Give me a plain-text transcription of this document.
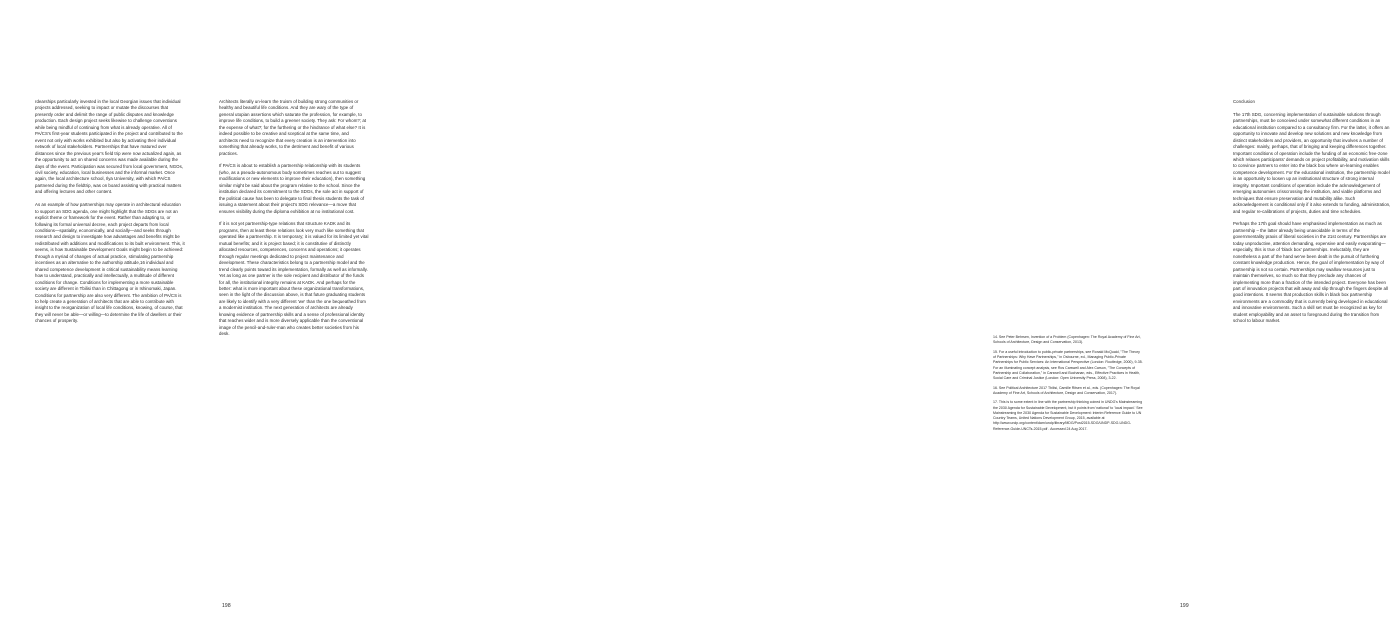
rdearships particularly invested in the local Georgian issues that individual projects addressed, seeking to impact or mutate the discourses that presently order and delimit the range of public disputes and knowledge production. Each design project seeks likewise to challenge conventions while being mindful of continuing from what is already operative. All of PA/CS's first-year students participated in the project and contributed to the event not only with works exhibited but also by activating their individual network of local stakeholders. Partnerships that have matured over distances since the previous year's field trip were now actualized again, as the opportunity to act on shared concerns was made available during the days of the event. Participation was secured from local government, NGOs, civil society, education, local businesses and the informal market. Once again, the local architecture school, Ilya University, with which PA/CS partnered during the fieldtrip, was on board assisting with practical matters and offering lectures and other content.

As an example of how partnerships may operate in architectural education to support an SDG agenda, one might highlight that the SDGs are not an explicit theme or framework for the event. Rather than adapting to, or following its formal universal decree, each project departs from local conditions—spatiality, economically, and socially—and seeks through research and design to investigate how advantages and benefits might be redistributed with additions and modifications to its built environment. This, it seems, is how Sustainable Development Goals might begin to be achieved: through a myriad of changes of actual practice, stimulating partnership incentives as an alternative to the authorship attitude,16 individual and shared competence development in critical sustainability means learning how to understand, practically and intellectually, a multitude of different conditions for change. Conditions for implementing a more sustainable society are different in Tbilisi than in Chittagong or in Ishinomaki, Japan. Conditions for partnership are also very different. The ambition of PA/CS is to help create a generation of architects that are able to contribute with insight to the reorganization of local life conditions, knowing, of course, that they will never be able—or willing—to determine the life of dwellers or their chances of prosperity.

Architects literally un-learn the truism of building strong communities or healthy and beautiful life conditions. And they are wary of the type of general utopian assertions which saturate the profession, for example, to improve life conditions, to build a greener society. They ask: For whom?; at the expense of what?; for the furthering or the hindrance of what else? It is indeed possible to be creative and sceptical at the same time, and architects need to recognize that every creation is an intervention into something that already works, to the detriment and benefit of various practices.

If PA/CS is about to establish a partnership relationship with its students (who, as a pseudo-autonomous body sometimes reaches out to suggest modifications or new elements to improve their education), then something similar might be said about the program relative to the school. Since the institution declared its commitment to the SDGs, the sole act in support of the political cause has been to delegate to final thesis students the task of issuing a statement about their project's SDG relevance—a move that ensures visibility during the diploma exhibition at no institutional cost.

If it is not yet partnership-type relations that structure KADK and its programs, then at least these relations look very much like something that operated like a partnership. It is temporary; it is valued for its limited yet vital mutual benefits; and it is project based; it is constitutive of distinctly allocated resources, competences, concerns and operations; it operates through regular meetings dedicated to project maintenance and development. These characteristics belong to a partnership model and the trend clearly points toward its implementation, formally as well as informally. Yet as long as one partner is the sole recipient and distributor of the funds for all, the institutional integrity remains at KADK. And perhaps for the better: what is more important about these organizational transformations, seen in the light of the discussion above, is that future graduating students are likely to identify with a very different 'we' than the one bequeathed from a modernist institution. The next generation of architects are already knowing evidence of partnership skills and a sense of professional identity that reaches wider and is more diversely applicable than the conventional image of the pencil-and-ruler-man who creates better societies from his desk.

198

14. See Peter Behrsen, Invention of a Problem (Copenhagen: The Royal Academy of Fine Art, Schools of Architecture, Design and Conservation, 2013).

15. For a useful introduction to public-private partnerships, see Ronald McQuaid, "The Theory of Partnerships: Why Have Partnerships," in Osbourne, ed., Managing Public-Private Partnerships for Public Services: An International Perspective (London: Routledge, 2000), 9-35. For an illuminating concept analysis, see Ros Carswell and Alex Carson, "The Concepts of Partnership and Collaboration," in Carswell and Buchanan, eds., Effective Practices in Health, Social Care and Criminal Justice (London: Open University Press, 2008), 3-22.

16. See Political Architecture 2017 Tbilisi, Camille Ritsen et al., eds. (Copenhagen: The Royal Academy of Fine Art, Schools of Architecture, Design and Conservation, 2017).

17. This is to some extent in line with the partnership thinking coined in UNDG's Mainstreaming the 2030 Agenda for Sustainable Development, but it points from 'national' to 'local impact.' See Mainstreaming the 2030 Agenda for Sustainable Development: Interim Reference Guide to UN Country Teams, United Nations Development Group, 2015, available at http://www.undp.org/content/dam/undp/library/MDG/Post2015-SDG/UNDP-SDG-UNDG-Reference-Guide-UNCTs-2015.pdf . Accessed 24 Aug 2017.

Conclusion

The 17th SDG, concerning implementation of sustainable solutions through partnerships, must be conceived under somewhat different conditions in an educational institution compared to a consultancy firm. For the latter, it offers an opportunity to innovate and develop new solutions and new knowledge from distinct stakeholders and providers, an opportunity that involves a number of challenges: mainly, perhaps, that of bringing and keeping differences together. Important conditions of operation include the funding of an economic free-zone which relaxes participants' demands on project profitability, and motivation skills to convince partners to enter into the black box where un-learning enables competence development. For the educational institution, the partnership model is an opportunity to loosen up an institutional structure of strong internal integrity. Important conditions of operation include the acknowledgement of emerging autonomies crisscrossing the institution, and viable platforms and techniques that ensure preservation and mutability alike. Such acknowledgement is conditional only if it also extends to funding, administration, and regular re-calibrations of projects, duties and time schedules.

Perhaps the 17th goal should have emphasised implementation as much as partnership – the latter already being unavoidable in terms of the governmentality praxis of liberal societies in the 21st century. Partnerships are today unproductive, attention demanding, expensive and easily evaporating—especially, this is true of 'black box' partnerships. Ineluctably, they are nonetheless a part of the hand we've been dealt in the pursuit of furthering constant knowledge production. Hence, the goal of implementation by way of partnership is not so certain. Partnerships may swallow resources just to maintain themselves, so much so that they preclude any chances of implementing more than a fraction of the intended project. Everyone has been part of innovation projects that wilt away and slip through the fingers despite all good intentions. It seems that production skills in black box partnership environments are a commodity that is currently being developed in educational and innovative environments. Such a skill set must be recognized as key for student employability and an asset to foreground during the transition from school to labour market.

199
